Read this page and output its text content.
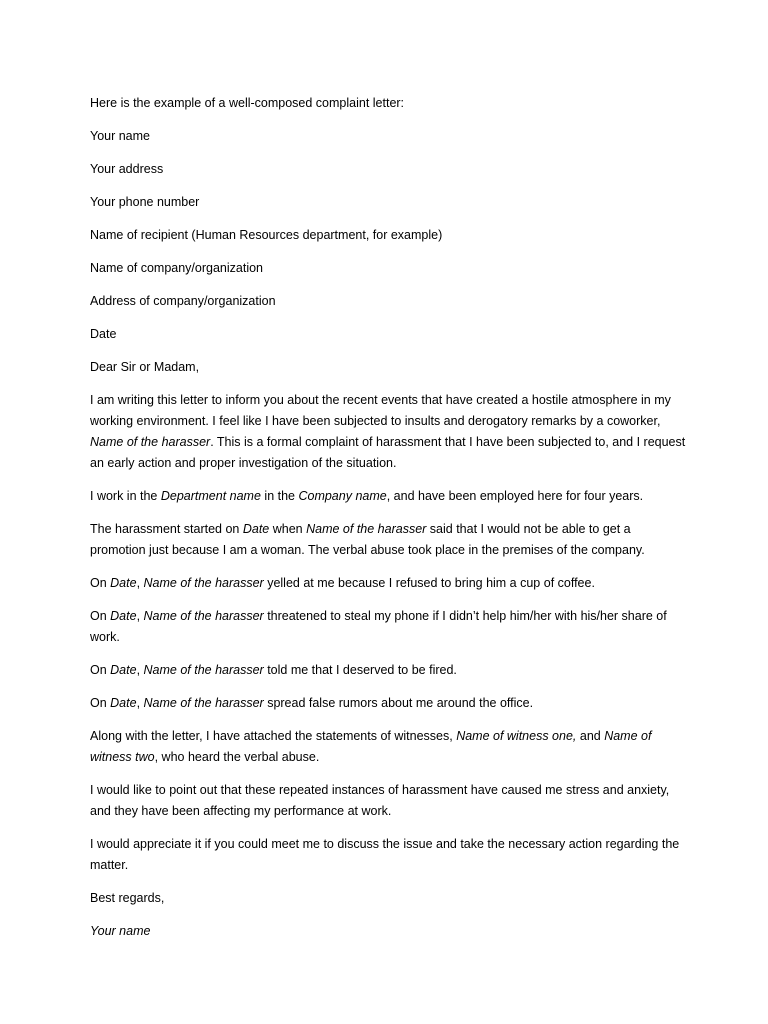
Here is the example of a well-composed complaint letter:

Your name

Your address

Your phone number

Name of recipient (Human Resources department, for example)

Name of company/organization

Address of company/organization

Date

Dear Sir or Madam,

I am writing this letter to inform you about the recent events that have created a hostile atmosphere in my working environment. I feel like I have been subjected to insults and derogatory remarks by a coworker, Name of the harasser. This is a formal complaint of harassment that I have been subjected to, and I request an early action and proper investigation of the situation.

I work in the Department name in the Company name, and have been employed here for four years.

The harassment started on Date when Name of the harasser said that I would not be able to get a promotion just because I am a woman. The verbal abuse took place in the premises of the company.

On Date, Name of the harasser yelled at me because I refused to bring him a cup of coffee.

On Date, Name of the harasser threatened to steal my phone if I didn’t help him/her with his/her share of work.

On Date, Name of the harasser told me that I deserved to be fired.

On Date, Name of the harasser spread false rumors about me around the office.

Along with the letter, I have attached the statements of witnesses, Name of witness one, and Name of witness two, who heard the verbal abuse.

I would like to point out that these repeated instances of harassment have caused me stress and anxiety, and they have been affecting my performance at work.

I would appreciate it if you could meet me to discuss the issue and take the necessary action regarding the matter.

Best regards,

Your name
